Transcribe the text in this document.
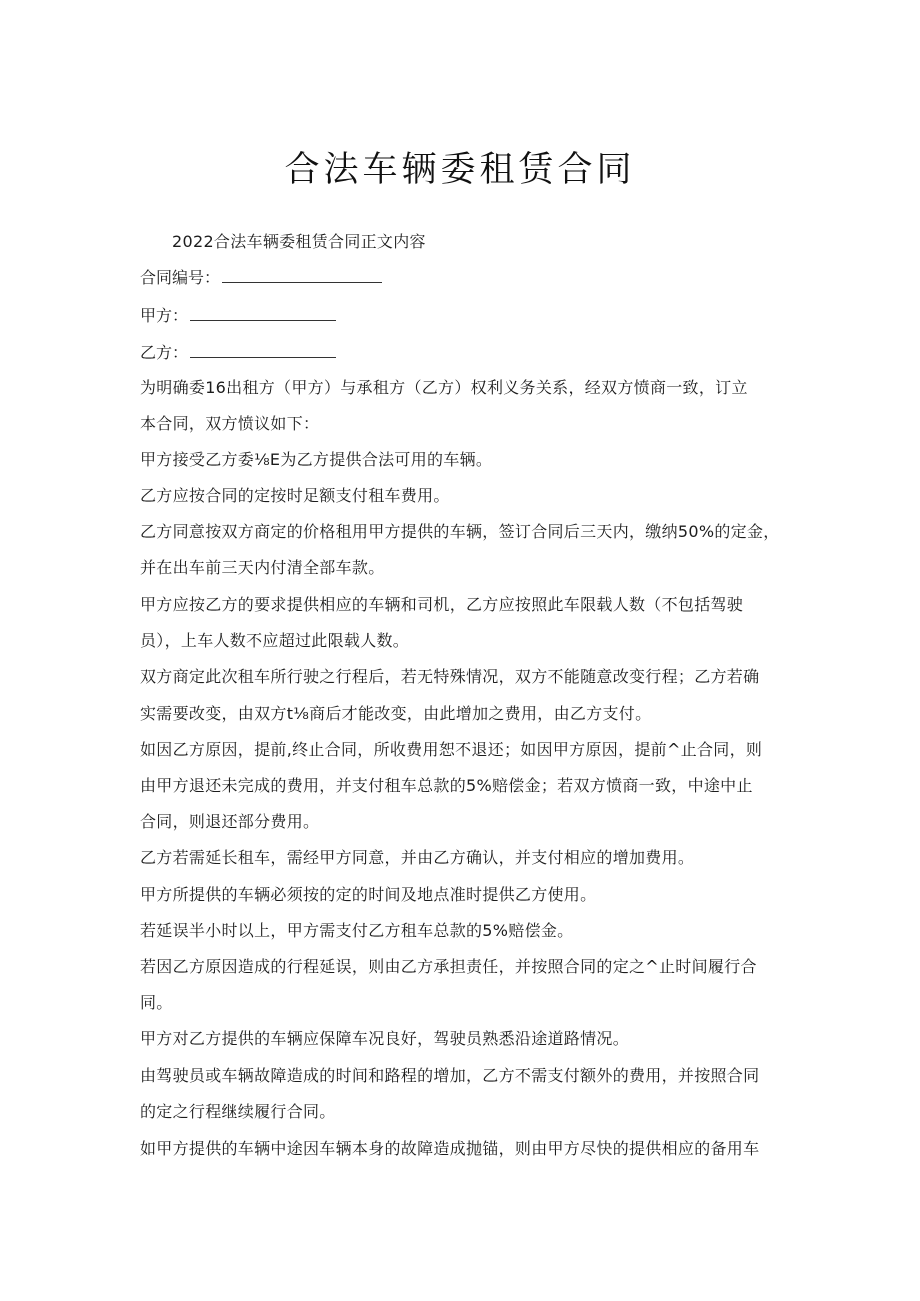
合法车辆委租赁合同
2022合法车辆委租赁合同正文内容
合同编号：
甲方：
乙方：
为明确委16出租方（甲方）与承租方（乙方）权利义务关系，经双方愤商一致，订立
本合同，双方愤议如下：
甲方接受乙方委⅛E为乙方提供合法可用的车辆。
乙方应按合同的定按时足额支付租车费用。
乙方同意按双方商定的价格租用甲方提供的车辆，签订合同后三天内，缴纳50%的定金，
并在出车前三天内付清全部车款。
甲方应按乙方的要求提供相应的车辆和司机，乙方应按照此车限载人数（不包括驾驶
员），上车人数不应超过此限载人数。
双方商定此次租车所行驶之行程后，若无特殊情况，双方不能随意改变行程；乙方若确
实需要改变，由双方t⅛商后才能改变，由此增加之费用，由乙方支付。
如因乙方原因，提前,终止合同，所收费用恕不退还；如因甲方原因，提前^止合同，则
由甲方退还未完成的费用，并支付租车总款的5%赔偿金；若双方愤商一致，中途中止
合同，则退还部分费用。
乙方若需延长租车，需经甲方同意，并由乙方确认，并支付相应的增加费用。
甲方所提供的车辆必须按的定的时间及地点准时提供乙方使用。
若延误半小时以上，甲方需支付乙方租车总款的5%赔偿金。
若因乙方原因造成的行程延误，则由乙方承担责任，并按照合同的定之^止时间履行合
同。
甲方对乙方提供的车辆应保障车况良好，驾驶员熟悉沿途道路情况。
由驾驶员或车辆故障造成的时间和路程的增加，乙方不需支付额外的费用，并按照合同
的定之行程继续履行合同。
如甲方提供的车辆中途因车辆本身的故障造成抛锚，则由甲方尽快的提供相应的备用车
